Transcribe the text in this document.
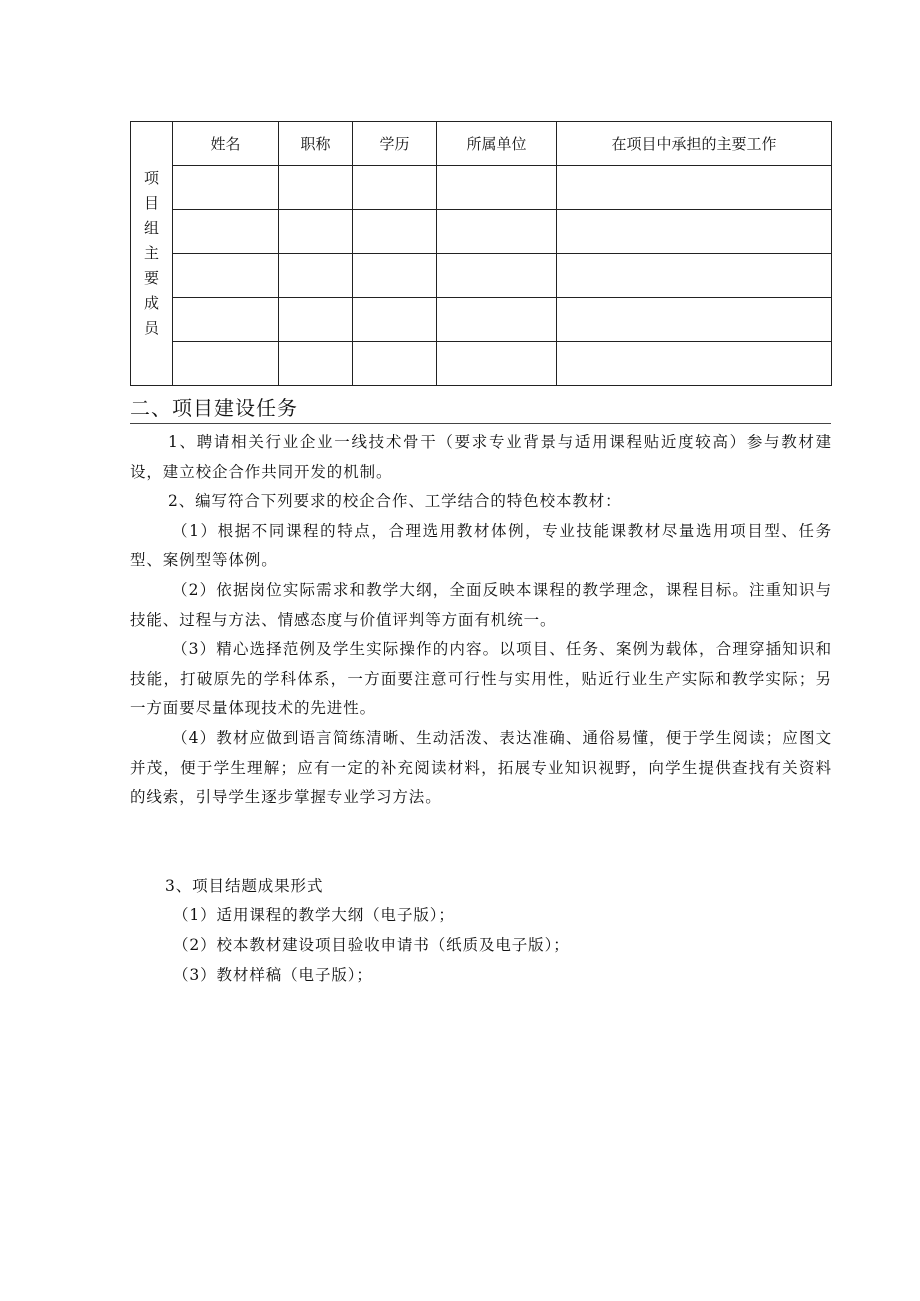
项目组主要成员	姓名	职称	学历	所属单位	在项目中承担的主要工作

二、项目建设任务

1、聘请相关行业企业一线技术骨干（要求专业背景与适用课程贴近度较高）参与教材建设，建立校企合作共同开发的机制。

2、编写符合下列要求的校企合作、工学结合的特色校本教材：

（1）根据不同课程的特点，合理选用教材体例，专业技能课教材尽量选用项目型、任务型、案例型等体例。

（2）依据岗位实际需求和教学大纲，全面反映本课程的教学理念，课程目标。注重知识与技能、过程与方法、情感态度与价值评判等方面有机统一。

（3）精心选择范例及学生实际操作的内容。以项目、任务、案例为载体，合理穿插知识和技能，打破原先的学科体系，一方面要注意可行性与实用性，贴近行业生产实际和教学实际；另一方面要尽量体现技术的先进性。

（4）教材应做到语言简练清晰、生动活泼、表达准确、通俗易懂，便于学生阅读；应图文并茂，便于学生理解；应有一定的补充阅读材料，拓展专业知识视野，向学生提供查找有关资料的线索，引导学生逐步掌握专业学习方法。

3、项目结题成果形式

（1）适用课程的教学大纲（电子版）；

（2）校本教材建设项目验收申请书（纸质及电子版）；

（3）教材样稿（电子版）；
